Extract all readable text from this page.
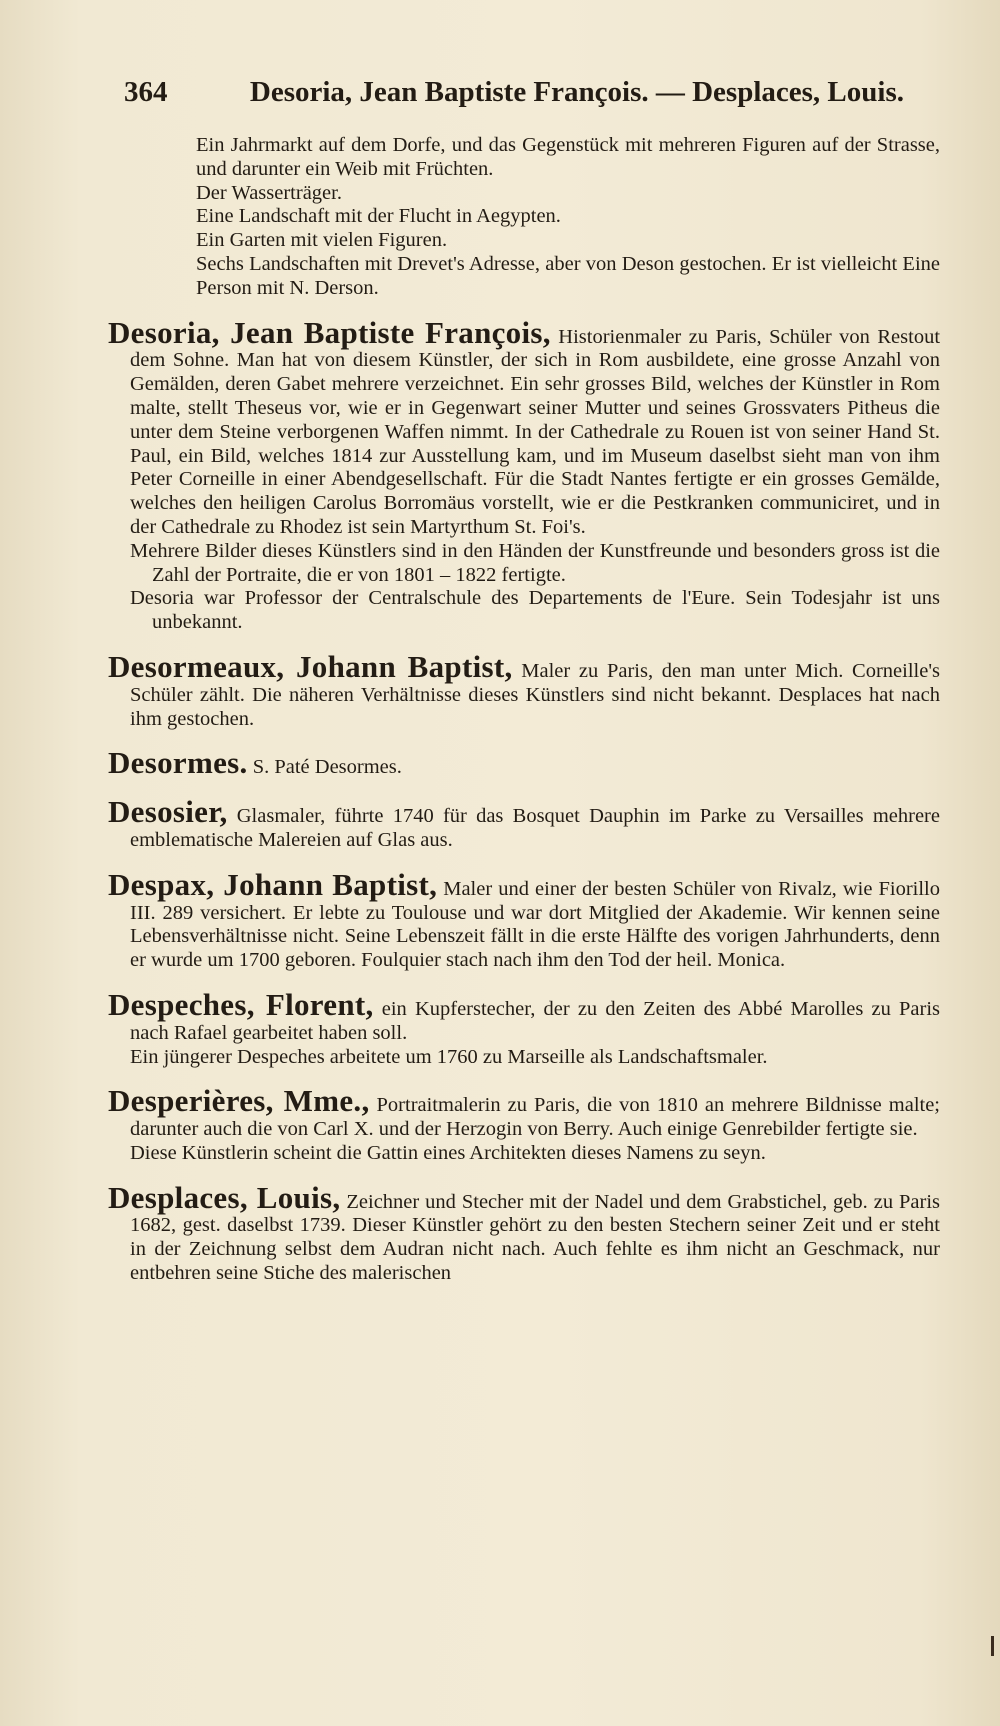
364	Desoria, Jean Baptiste François. — Desplaces, Louis.

Ein Jahrmarkt auf dem Dorfe, und das Gegenstück mit mehreren Figuren auf der Strasse, und darunter ein Weib mit Früchten.

Der Wasserträger.

Eine Landschaft mit der Flucht in Aegypten.

Ein Garten mit vielen Figuren.

Sechs Landschaften mit Drevet's Adresse, aber von Deson gestochen. Er ist vielleicht Eine Person mit N. Derson.

Desoria, Jean Baptiste François, Historienmaler zu Paris, Schüler von Restout dem Sohne. Man hat von diesem Künstler, der sich in Rom ausbildete, eine grosse Anzahl von Gemälden, deren Gabet mehrere verzeichnet. Ein sehr grosses Bild, welches der Künstler in Rom malte, stellt Theseus vor, wie er in Gegenwart seiner Mutter und seines Grossvaters Pitheus die unter dem Steine verborgenen Waffen nimmt. In der Cathedrale zu Rouen ist von seiner Hand St. Paul, ein Bild, welches 1814 zur Ausstellung kam, und im Museum daselbst sieht man von ihm Peter Corneille in einer Abendgesellschaft. Für die Stadt Nantes fertigte er ein grosses Gemälde, welches den heiligen Carolus Borromäus vorstellt, wie er die Pestkranken communiciret, und in der Cathedrale zu Rhodez ist sein Martyrthum St. Foi's.

Mehrere Bilder dieses Künstlers sind in den Händen der Kunstfreunde und besonders gross ist die Zahl der Portraite, die er von 1801 – 1822 fertigte.

Desoria war Professor der Centralschule des Departements de l'Eure. Sein Todesjahr ist uns unbekannt.

Desormeaux, Johann Baptist, Maler zu Paris, den man unter Mich. Corneille's Schüler zählt. Die näheren Verhältnisse dieses Künstlers sind nicht bekannt. Desplaces hat nach ihm gestochen.
Desormes. S. Paté Desormes.
Desosier, Glasmaler, führte 1740 für das Bosquet Dauphin im Parke zu Versailles mehrere emblematische Malereien auf Glas aus.
Despax, Johann Baptist, Maler und einer der besten Schüler von Rivalz, wie Fiorillo III. 289 versichert. Er lebte zu Toulouse und war dort Mitglied der Akademie. Wir kennen seine Lebensverhältnisse nicht. Seine Lebenszeit fällt in die erste Hälfte des vorigen Jahrhunderts, denn er wurde um 1700 geboren. Foulquier stach nach ihm den Tod der heil. Monica.
Despeches, Florent, ein Kupferstecher, der zu den Zeiten des Abbé Marolles zu Paris nach Rafael gearbeitet haben soll.

Ein jüngerer Despeches arbeitete um 1760 zu Marseille als Landschaftsmaler.

Desperières, Mme., Portraitmalerin zu Paris, die von 1810 an mehrere Bildnisse malte; darunter auch die von Carl X. und der Herzogin von Berry. Auch einige Genrebilder fertigte sie.

Diese Künstlerin scheint die Gattin eines Architekten dieses Namens zu seyn.

Desplaces, Louis, Zeichner und Stecher mit der Nadel und dem Grabstichel, geb. zu Paris 1682, gest. daselbst 1739. Dieser Künstler gehört zu den besten Stechern seiner Zeit und er steht in der Zeichnung selbst dem Audran nicht nach. Auch fehlte es ihm nicht an Geschmack, nur entbehren seine Stiche des malerischen
